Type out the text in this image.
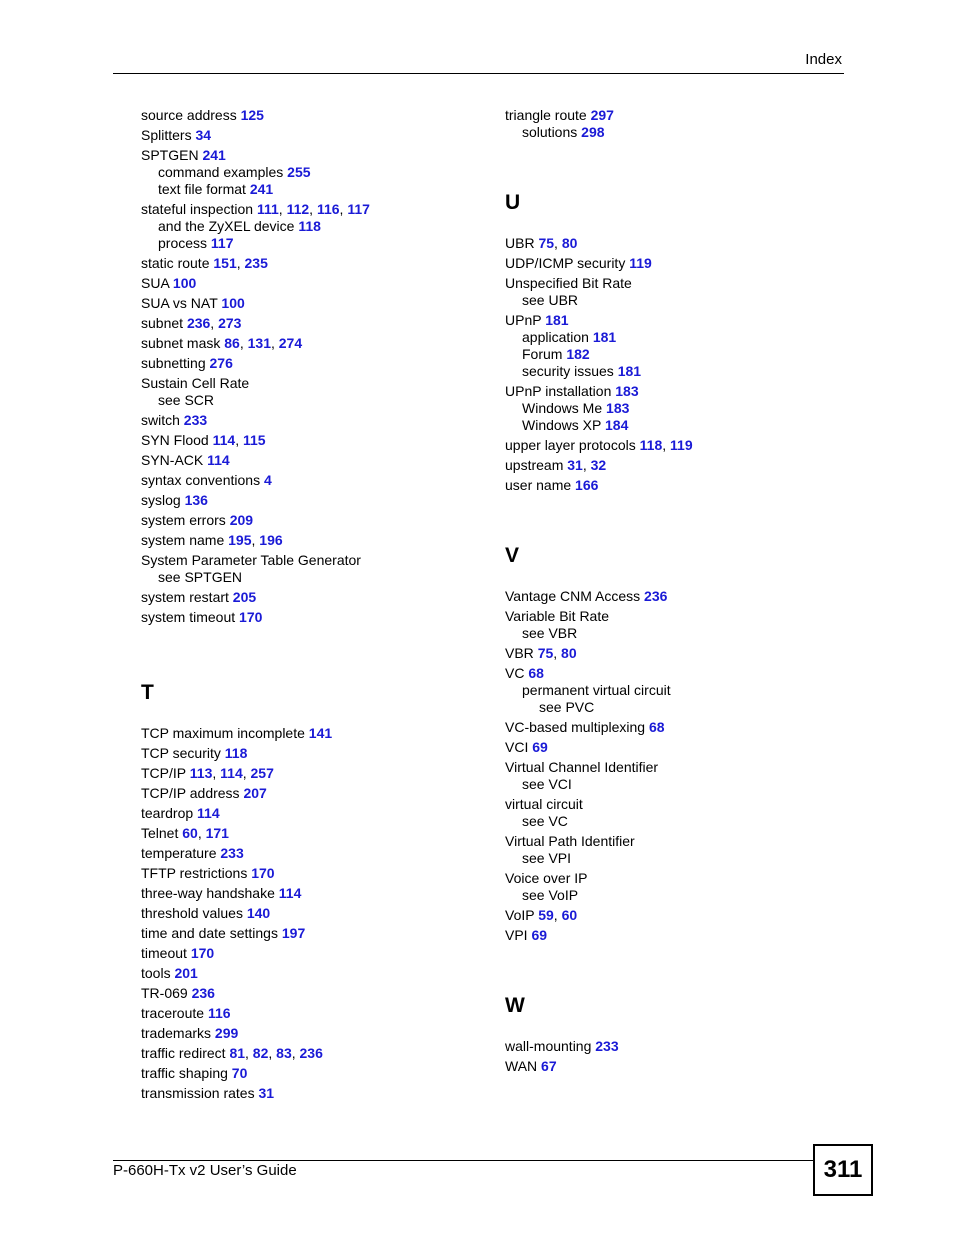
Index
source address 125
Splitters 34
SPTGEN 241
command examples 255
text file format 241
stateful inspection 111, 112, 116, 117
and the ZyXEL device 118
process 117
static route 151, 235
SUA 100
SUA vs NAT 100
subnet 236, 273
subnet mask 86, 131, 274
subnetting 276
Sustain Cell Rate
see SCR
switch 233
SYN Flood 114, 115
SYN-ACK 114
syntax conventions 4
syslog 136
system errors 209
system name 195, 196
System Parameter Table Generator
see SPTGEN
system restart 205
system timeout 170
T
TCP maximum incomplete 141
TCP security 118
TCP/IP 113, 114, 257
TCP/IP address 207
teardrop 114
Telnet 60, 171
temperature 233
TFTP restrictions 170
three-way handshake 114
threshold values 140
time and date settings 197
timeout 170
tools 201
TR-069 236
traceroute 116
trademarks 299
traffic redirect 81, 82, 83, 236
traffic shaping 70
transmission rates 31
triangle route 297
solutions 298
U
UBR 75, 80
UDP/ICMP security 119
Unspecified Bit Rate
see UBR
UPnP 181
application 181
Forum 182
security issues 181
UPnP installation 183
Windows Me 183
Windows XP 184
upper layer protocols 118, 119
upstream 31, 32
user name 166
V
Vantage CNM Access 236
Variable Bit Rate
see VBR
VBR 75, 80
VC 68
permanent virtual circuit
see PVC
VC-based multiplexing 68
VCI 69
Virtual Channel Identifier
see VCI
virtual circuit
see VC
Virtual Path Identifier
see VPI
Voice over IP
see VoIP
VoIP 59, 60
VPI 69
W
wall-mounting 233
WAN 67
P-660H-Tx v2 User’s Guide	311
